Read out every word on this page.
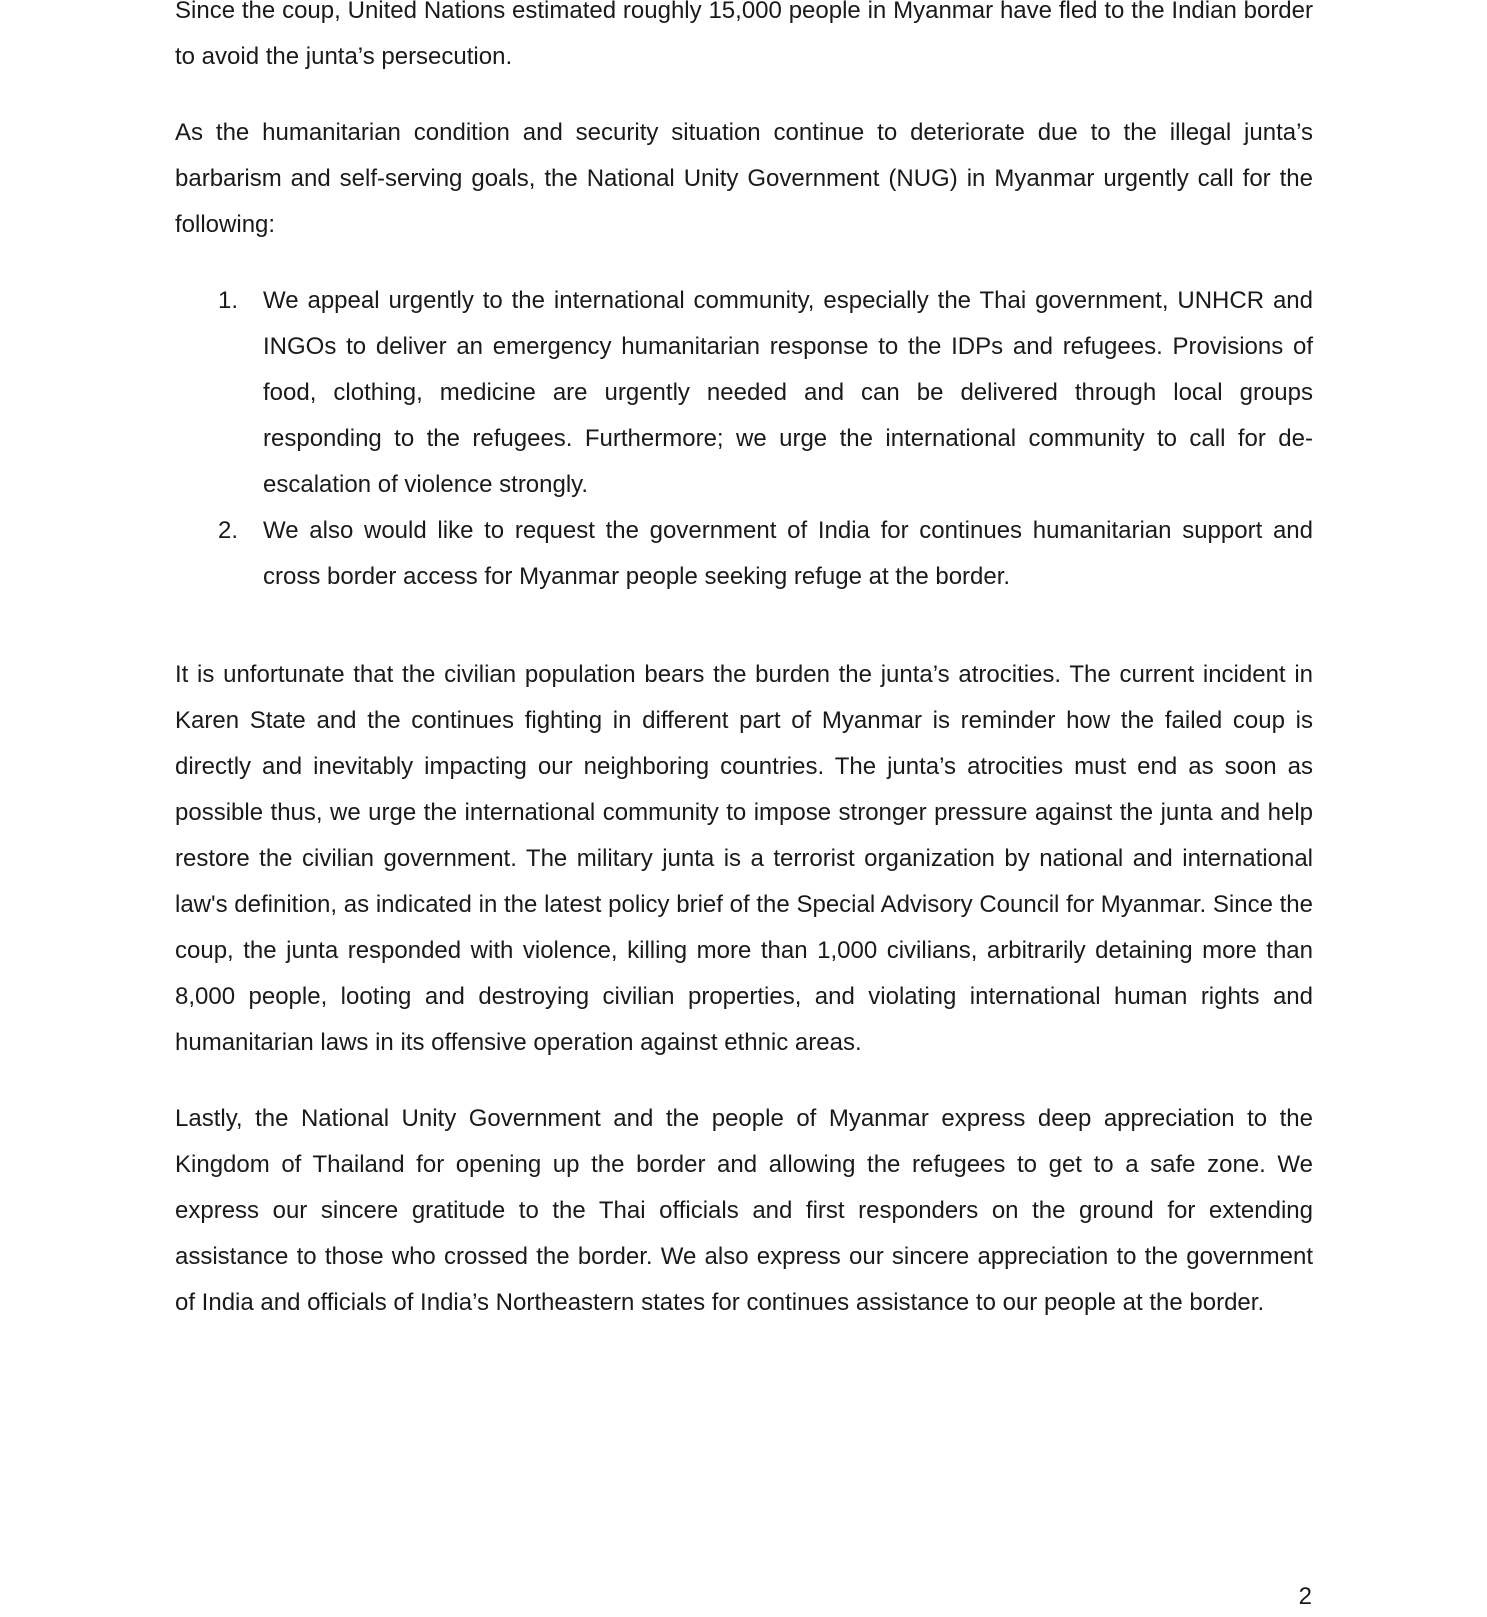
Since the coup, United Nations estimated roughly 15,000 people in Myanmar have fled to the Indian border to avoid the junta’s persecution.

As the humanitarian condition and security situation continue to deteriorate due to the illegal junta’s barbarism and self-serving goals, the National Unity Government (NUG) in Myanmar urgently call for the following:

1. We appeal urgently to the international community, especially the Thai government, UNHCR and INGOs to deliver an emergency humanitarian response to the IDPs and refugees. Provisions of food, clothing, medicine are urgently needed and can be delivered through local groups responding to the refugees. Furthermore; we urge the international community to call for de-escalation of violence strongly.
2. We also would like to request the government of India for continues humanitarian support and cross border access for Myanmar people seeking refuge at the border.

It is unfortunate that the civilian population bears the burden the junta’s atrocities. The current incident in Karen State and the continues fighting in different part of Myanmar is reminder how the failed coup is directly and inevitably impacting our neighboring countries. The junta’s atrocities must end as soon as possible thus, we urge the international community to impose stronger pressure against the junta and help restore the civilian government. The military junta is a terrorist organization by national and international law's definition, as indicated in the latest policy brief of the Special Advisory Council for Myanmar. Since the coup, the junta responded with violence, killing more than 1,000 civilians, arbitrarily detaining more than 8,000 people, looting and destroying civilian properties, and violating international human rights and humanitarian laws in its offensive operation against ethnic areas.

Lastly, the National Unity Government and the people of Myanmar express deep appreciation to the Kingdom of Thailand for opening up the border and allowing the refugees to get to a safe zone. We express our sincere gratitude to the Thai officials and first responders on the ground for extending assistance to those who crossed the border. We also express our sincere appreciation to the government of India and officials of India’s Northeastern states for continues assistance to our people at the border.

2
